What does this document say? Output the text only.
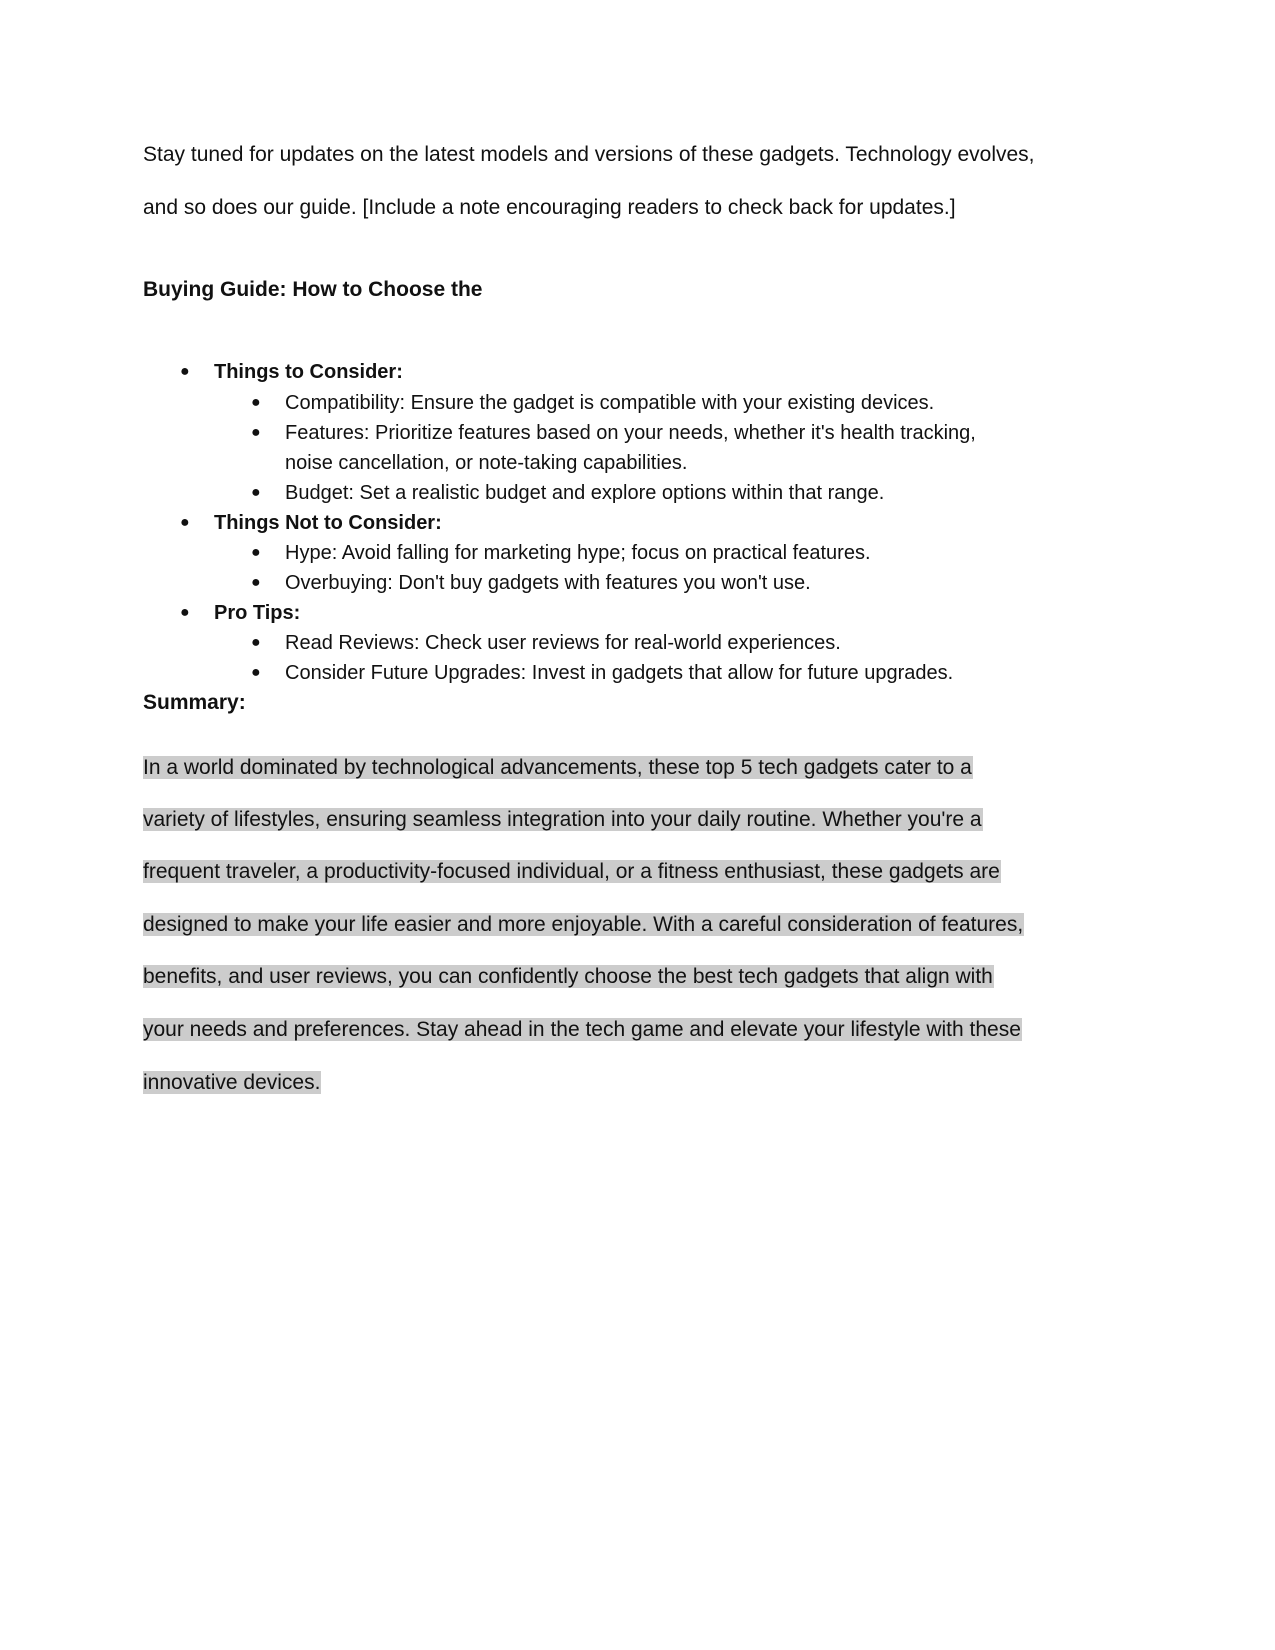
Stay tuned for updates on the latest models and versions of these gadgets. Technology evolves,
and so does our guide. [Include a note encouraging readers to check back for updates.]
Buying Guide: How to Choose the
● Things to Consider:
● Compatibility: Ensure the gadget is compatible with your existing devices.
● Features: Prioritize features based on your needs, whether it's health tracking,
noise cancellation, or note-taking capabilities.
● Budget: Set a realistic budget and explore options within that range.
● Things Not to Consider:
● Hype: Avoid falling for marketing hype; focus on practical features.
● Overbuying: Don't buy gadgets with features you won't use.
● Pro Tips:
● Read Reviews: Check user reviews for real-world experiences.
● Consider Future Upgrades: Invest in gadgets that allow for future upgrades.
Summary:
In a world dominated by technological advancements, these top 5 tech gadgets cater to a
variety of lifestyles, ensuring seamless integration into your daily routine. Whether you're a
frequent traveler, a productivity-focused individual, or a fitness enthusiast, these gadgets are
designed to make your life easier and more enjoyable. With a careful consideration of features,
benefits, and user reviews, you can confidently choose the best tech gadgets that align with
your needs and preferences. Stay ahead in the tech game and elevate your lifestyle with these
innovative devices.
